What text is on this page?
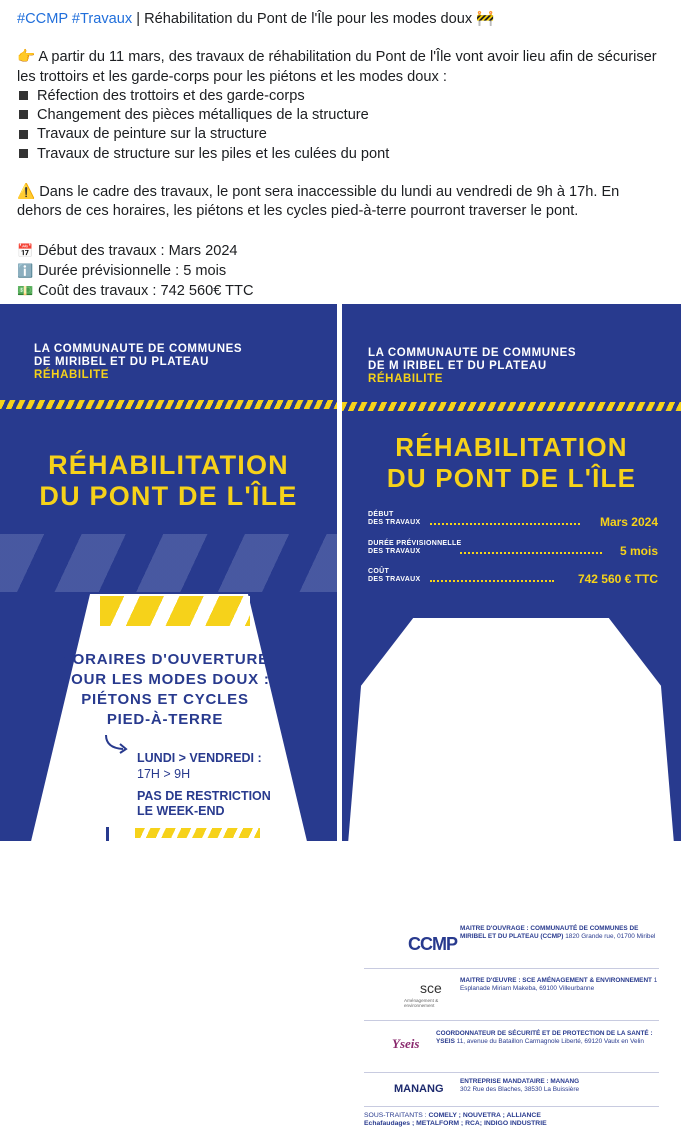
#CCMP #Travaux | Réhabilitation du Pont de l'Île pour les modes doux 🚧

👉 A partir du 11 mars, des travaux de réhabilitation du Pont de l'Île vont avoir lieu afin de sécuriser les trottoirs et les garde-corps pour les piétons et les modes doux :

Réfection des trottoirs et des garde-corps

Changement des pièces métalliques de la structure

Travaux de peinture sur la structure

Travaux de structure sur les piles et les culées du pont

⚠️ Dans le cadre des travaux, le pont sera inaccessible du lundi au vendredi de 9h à 17h. En dehors de ces horaires, les piétons et les cycles pied-à-terre pourront traverser le pont.

📅 Début des travaux : Mars 2024

ℹ️ Durée prévisionnelle : 5 mois

💵 Coût des travaux : 742 560€ TTC

LA COMMUNAUTE DE COMMUNES
DE MIRIBEL ET DU PLATEAU
RÉHABILITE
RÉHABILITATION
DU PONT DE L'ÎLE
HORAIRES D'OUVERTURE
POUR LES MODES DOUX :
PIÉTONS ET CYCLES
PIED-À-TERRE
LUNDI > VENDREDI :
17H > 9H
PAS DE RESTRICTION
LE WEEK-END
LA COMMUNAUTE DE COMMUNES
DE M IRIBEL ET DU PLATEAU
RÉHABILITE
RÉHABILITATION
DU PONT DE L'ÎLE
DÉBUT
DES TRAVAUX	Mars 2024
DURÉE PRÉVISIONNELLE
DES TRAVAUX	5 mois
COÛT
DES TRAVAUX	742 560 € TTC
CCMP
MAITRE D'OUVRAGE : COMMUNAUTÉ DE COMMUNES DE MIRIBEL ET DU PLATEAU (CCMP) 1820 Grande rue, 01700 Miribel
sce
Aménagement & environnement
MAITRE D'ŒUVRE : SCE AMÉNAGEMENT & ENVIRONNEMENT 1 Esplanade Miriam Makeba, 69100 Villeurbanne
Yseis
COORDONNATEUR DE SÉCURITÉ ET DE PROTECTION DE LA SANTÉ : YSEIS 11, avenue du Bataillon Carmagnole Liberté, 69120 Vaulx en Velin
MANANG
ENTREPRISE MANDATAIRE : MANANG
302 Rue des Blaches, 38530 La Buissière
SOUS-TRAITANTS : COMELY ; NOUVETRA ; ALLIANCE
Echafaudages ; METALFORM ; RCA; INDIGO INDUSTRIE
